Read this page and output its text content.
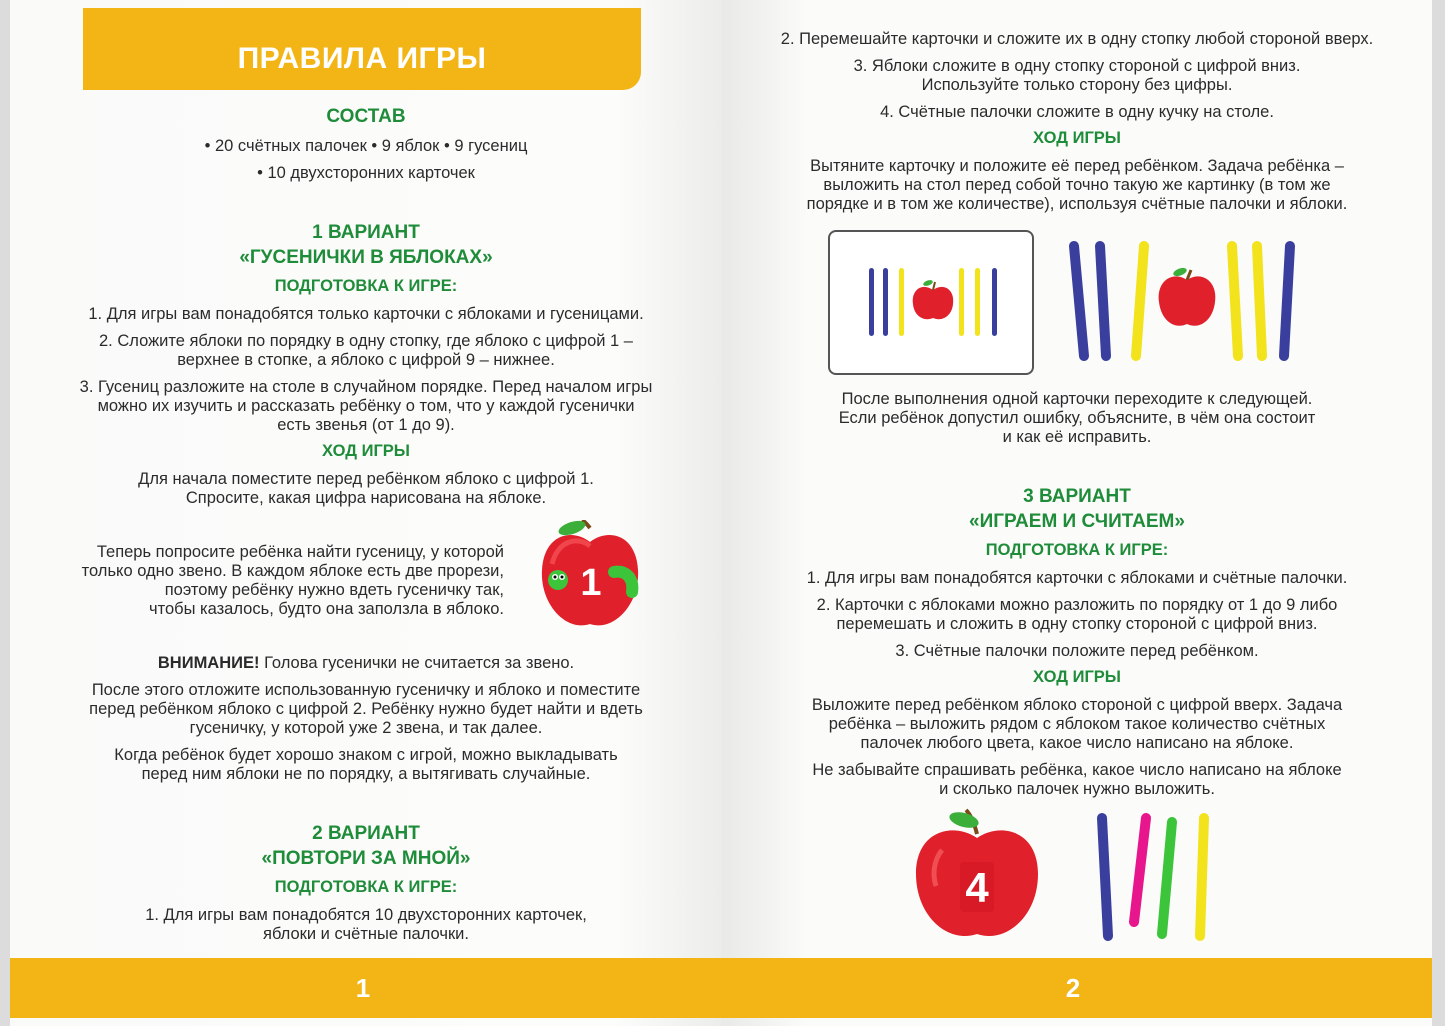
ПРАВИЛА ИГРЫ
СОСТАВ
• 20 счётных палочек • 9 яблок • 9 гусениц
• 10 двухсторонних карточек
1 ВАРИАНТ
«ГУСЕНИЧКИ В ЯБЛОКАХ»
ПОДГОТОВКА К ИГРЕ:
1. Для игры вам понадобятся только карточки с яблоками и гусеницами.
2. Сложите яблоки по порядку в одну стопку, где яблоко с цифрой 1 –
верхнее в стопке, а яблоко с цифрой 9 – нижнее.
3. Гусениц разложите на столе в случайном порядке. Перед началом игры
можно их изучить и рассказать ребёнку о том, что у каждой гусенички
есть звенья (от 1 до 9).
ХОД ИГРЫ
Для начала поместите перед ребёнком яблоко с цифрой 1.
Спросите, какая цифра нарисована на яблоке.
Теперь попросите ребёнка найти гусеницу, у которой
только одно звено. В каждом яблоке есть две прорези,
поэтому ребёнку нужно вдеть гусеничку так,
чтобы казалось, будто она заползла в яблоко.
1
ВНИМАНИЕ! Голова гусенички не считается за звено.
После этого отложите использованную гусеничку и яблоко и поместите
перед ребёнком яблоко с цифрой 2. Ребёнку нужно будет найти и вдеть
гусеничку, у которой уже 2 звена, и так далее.
Когда ребёнок будет хорошо знаком с игрой, можно выкладывать
перед ним яблоки не по порядку, а вытягивать случайные.
2 ВАРИАНТ
«ПОВТОРИ ЗА МНОЙ»
ПОДГОТОВКА К ИГРЕ:
1. Для игры вам понадобятся 10 двухсторонних карточек,
яблоки и счётные палочки.
1
2. Перемешайте карточки и сложите их в одну стопку любой стороной вверх.
3. Яблоки сложите в одну стопку стороной с цифрой вниз.
Используйте только сторону без цифры.
4. Счётные палочки сложите в одну кучку на столе.
ХОД ИГРЫ
Вытяните карточку и положите её перед ребёнком. Задача ребёнка –
выложить на стол перед собой точно такую же картинку (в том же
порядке и в том же количестве), используя счётные палочки и яблоки.
После выполнения одной карточки переходите к следующей.
Если ребёнок допустил ошибку, объясните, в чём она состоит
и как её исправить.
3 ВАРИАНТ
«ИГРАЕМ И СЧИТАЕМ»
ПОДГОТОВКА К ИГРЕ:
1. Для игры вам понадобятся карточки с яблоками и счётные палочки.
2. Карточки с яблоками можно разложить по порядку от 1 до 9 либо
перемешать и сложить в одну стопку стороной с цифрой вниз.
3. Счётные палочки положите перед ребёнком.
ХОД ИГРЫ
Выложите перед ребёнком яблоко стороной с цифрой вверх. Задача
ребёнка – выложить рядом с яблоком такое количество счётных
палочек любого цвета, какое число написано на яблоке.
Не забывайте спрашивать ребёнка, какое число написано на яблоке
и сколько палочек нужно выложить.
4
2
